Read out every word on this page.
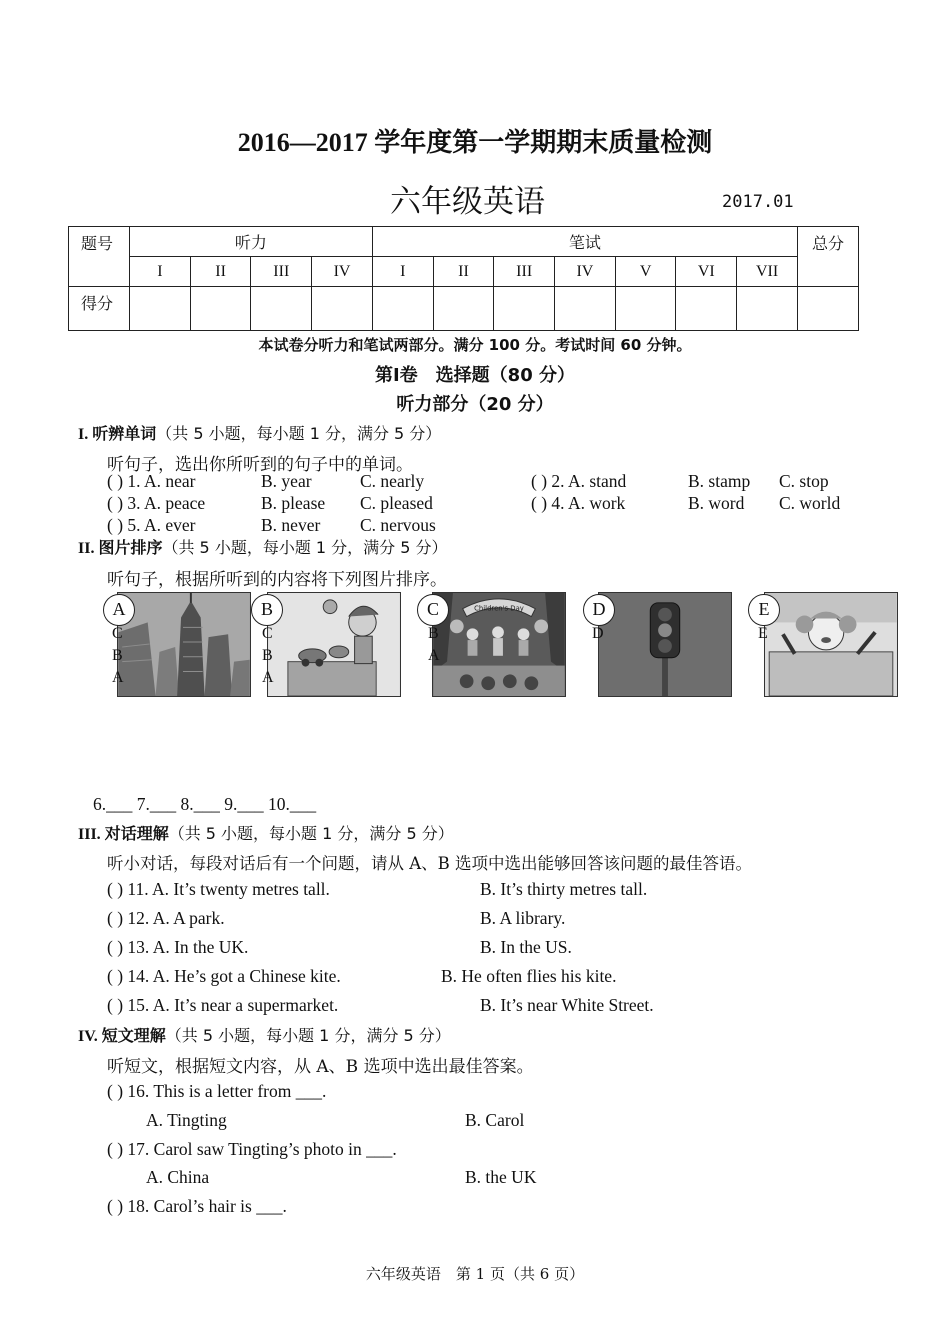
2016—2017 学年度第一学期期末质量检测
六年级英语	2017.01
题号	听力				笔试							总分
	I	II	III	IV	I	II	III	IV	V	VI	VII	
得分												
本试卷分听力和笔试两部分。满分 100 分。考试时间 60 分钟。
第Ⅰ卷　选择题（80 分）
听力部分（20 分）
I. 听辨单词（共 5 小题，每小题 1 分，满分 5 分）
听句子，选出你所听到的句子中的单词。
( ) 1. A. near	B. year	C. nearly	( ) 2. A. stand	B. stamp C. stop
( ) 3. A. peace	B. please C. pleased	( ) 4. A. work	B. word C. world
( ) 5. A. ever	B. never C. nervous
II. 图片排序（共 5 小题，每小题 1 分，满分 5 分）
听句子，根据所听到的内容将下列图片排序。
A
C
B
A
B
C
B
A
Children's Day
C
B
A
D
D
E
E
6.___ 7.___ 8.___ 9.___ 10.___
III. 对话理解（共 5 小题，每小题 1 分，满分 5 分）
听小对话，每段对话后有一个问题，请从 A、B 选项中选出能够回答该问题的最佳答语。
( ) 11. A. It’s twenty metres tall.	B. It’s thirty metres tall.
( ) 12. A. A park.	B. A library.
( ) 13. A. In the UK.	B. In the US.
( ) 14. A. He’s got a Chinese kite.	B. He often flies his kite.
( ) 15. A. It’s near a supermarket.	B. It’s near White Street.
IV. 短文理解（共 5 小题，每小题 1 分，满分 5 分）
听短文，根据短文内容，从 A、B 选项中选出最佳答案。
( ) 16. This is a letter from ___.
A. Tingting	B. Carol
( ) 17. Carol saw Tingting’s photo in ___.
A. China	B. the UK
( ) 18. Carol’s hair is ___.
六年级英语　第 1 页（共 6 页）
